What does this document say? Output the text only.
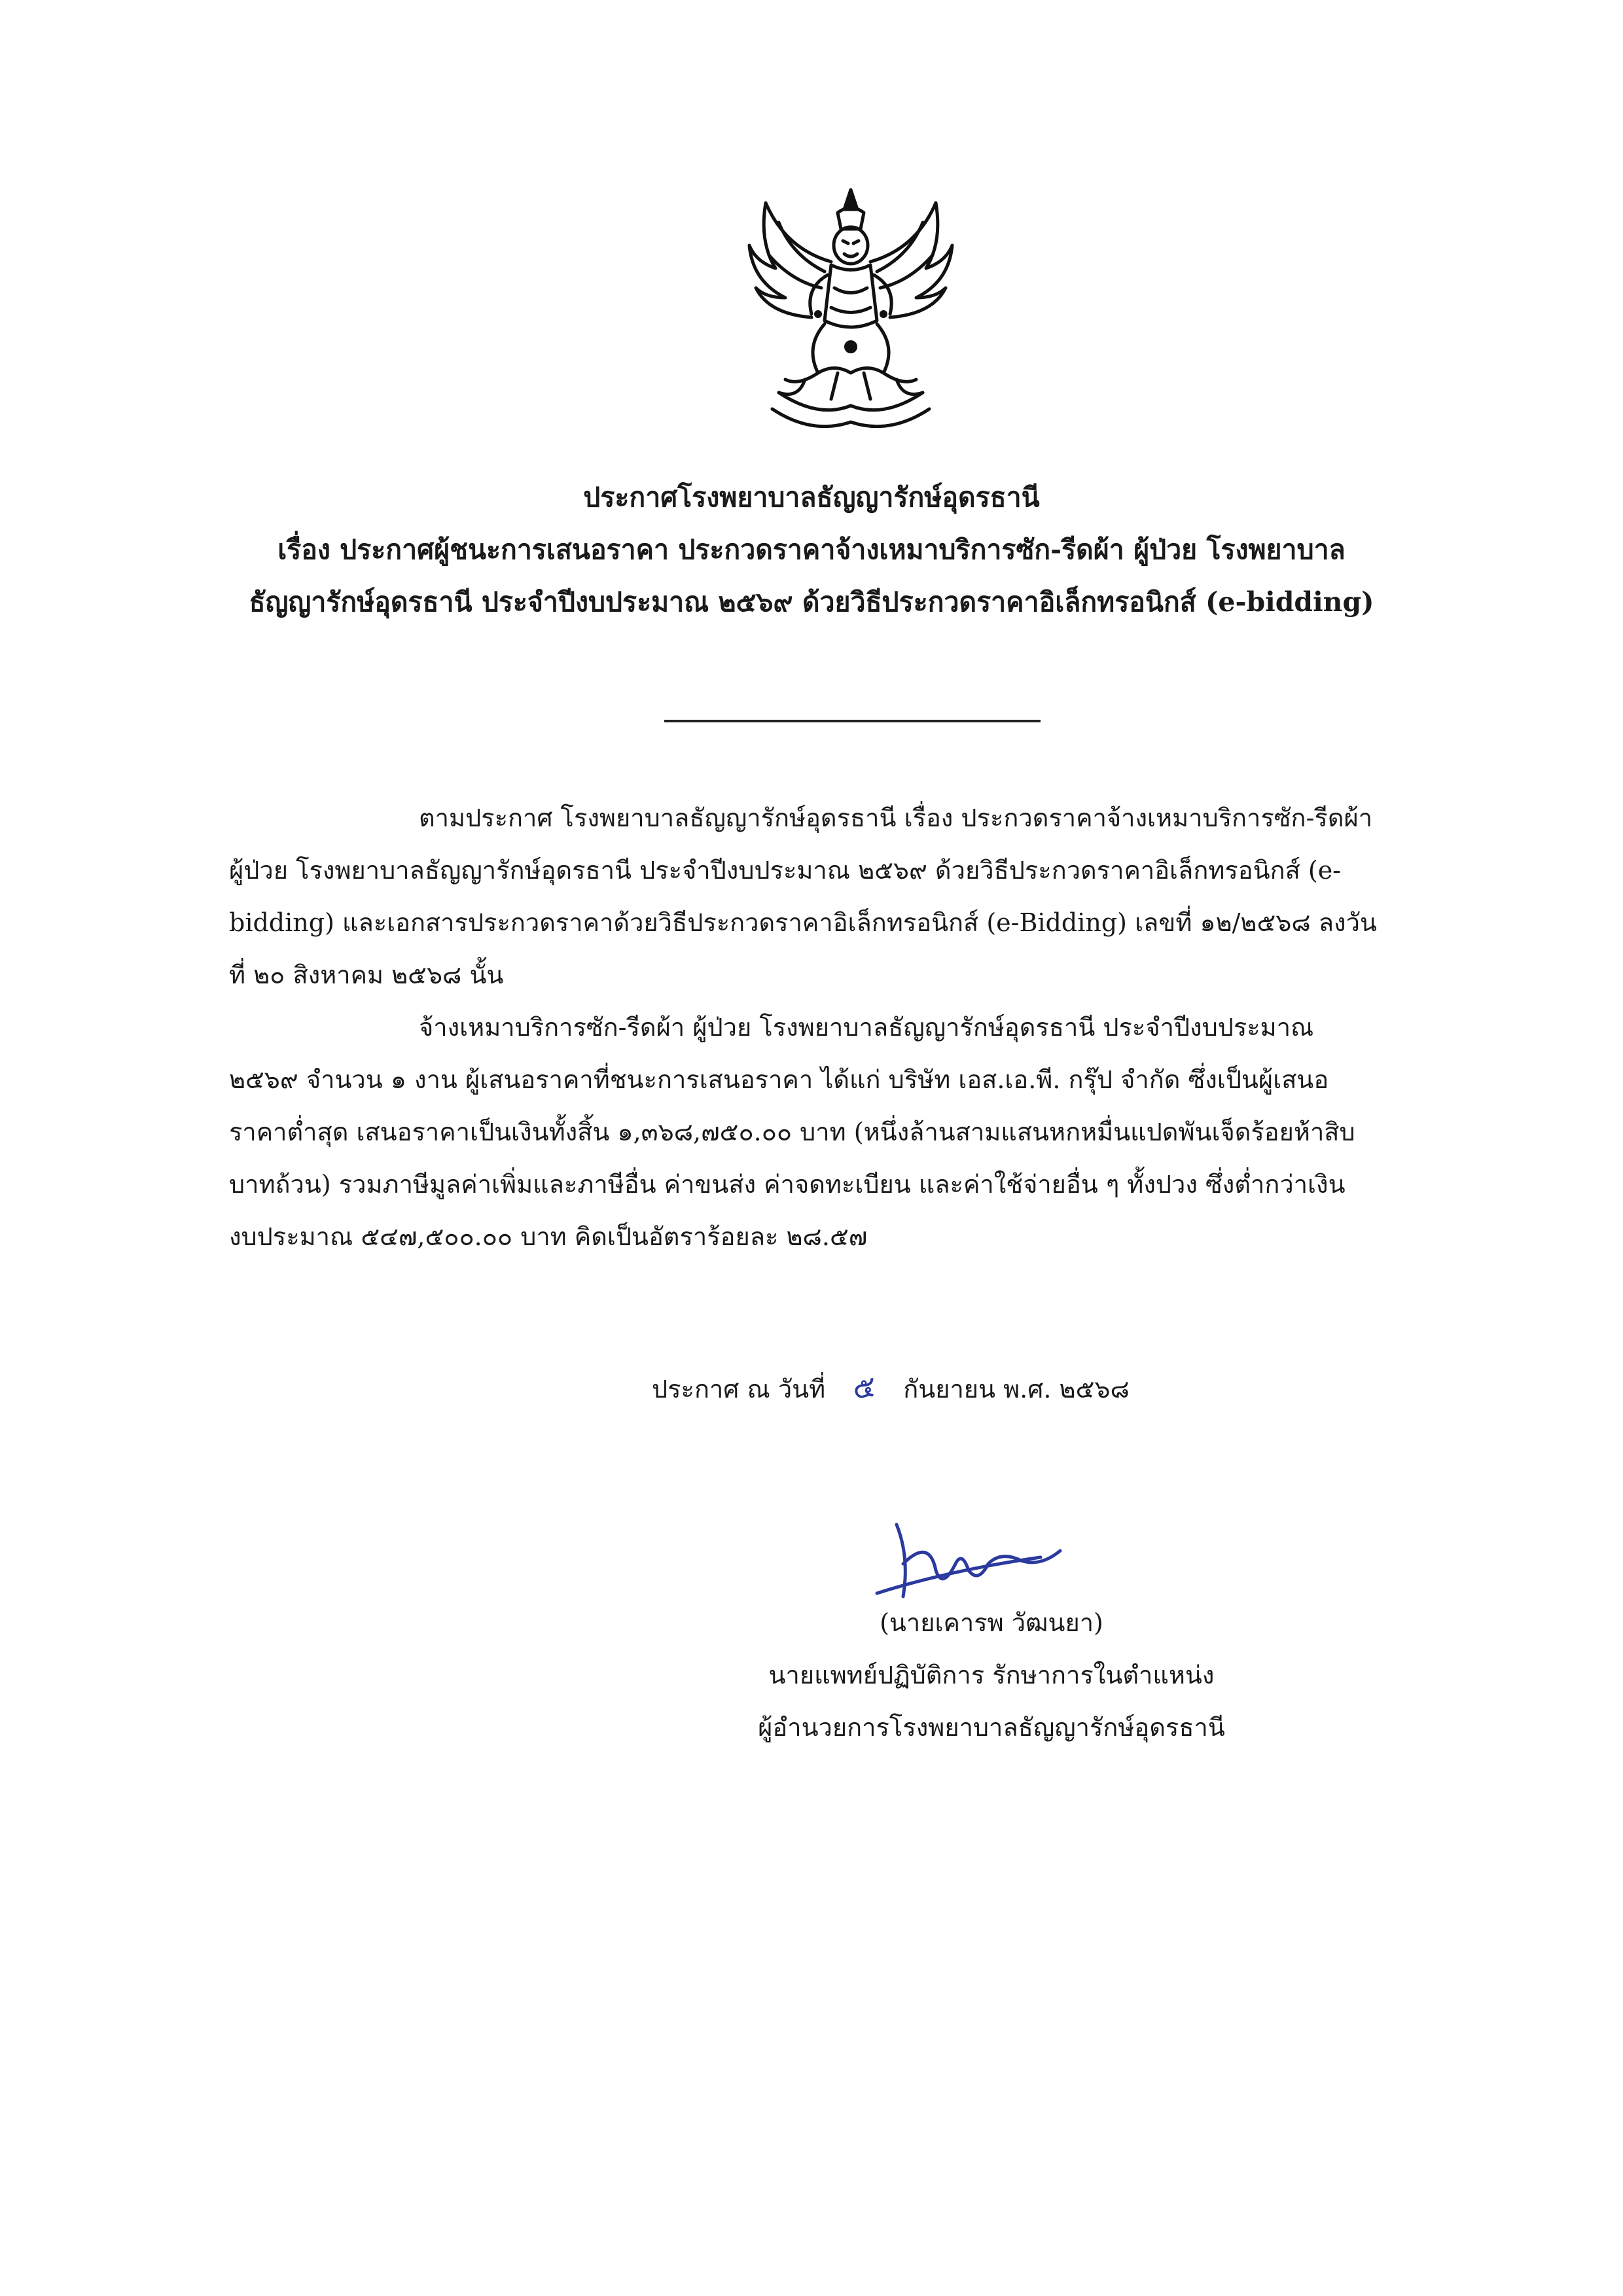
ประกาศโรงพยาบาลธัญญารักษ์อุดรธานี

เรื่อง ประกาศผู้ชนะการเสนอราคา ประกวดราคาจ้างเหมาบริการซัก-รีดผ้า ผู้ป่วย โรงพยาบาล

ธัญญารักษ์อุดรธานี ประจำปีงบประมาณ ๒๕๖๙ ด้วยวิธีประกวดราคาอิเล็กทรอนิกส์ (e-bidding)

ตามประกาศ โรงพยาบาลธัญญารักษ์อุดรธานี เรื่อง ประกวดราคาจ้างเหมาบริการซัก-รีดผ้า
ผู้ป่วย โรงพยาบาลธัญญารักษ์อุดรธานี ประจำปีงบประมาณ ๒๕๖๙ ด้วยวิธีประกวดราคาอิเล็กทรอนิกส์ (e-
bidding) และเอกสารประกวดราคาด้วยวิธีประกวดราคาอิเล็กทรอนิกส์ (e-Bidding) เลขที่ ๑๒/๒๕๖๘ ลงวัน
ที่ ๒๐ สิงหาคม ๒๕๖๘ นั้น
จ้างเหมาบริการซัก-รีดผ้า ผู้ป่วย โรงพยาบาลธัญญารักษ์อุดรธานี ประจำปีงบประมาณ
๒๕๖๙ จำนวน ๑ งาน ผู้เสนอราคาที่ชนะการเสนอราคา ได้แก่ บริษัท เอส.เอ.พี. กรุ๊ป จำกัด ซึ่งเป็นผู้เสนอ
ราคาต่ำสุด เสนอราคาเป็นเงินทั้งสิ้น ๑,๓๖๘,๗๕๐.๐๐ บาท (หนึ่งล้านสามแสนหกหมื่นแปดพันเจ็ดร้อยห้าสิบ
บาทถ้วน) รวมภาษีมูลค่าเพิ่มและภาษีอื่น ค่าขนส่ง ค่าจดทะเบียน และค่าใช้จ่ายอื่น ๆ ทั้งปวง ซึ่งต่ำกว่าเงิน
งบประมาณ ๕๔๗,๕๐๐.๐๐ บาท คิดเป็นอัตราร้อยละ ๒๘.๕๗
ประกาศ ณ วันที่ ๕ กันยายน พ.ศ. ๒๕๖๘

(นายเคารพ วัฒนยา)

นายแพทย์ปฏิบัติการ รักษาการในตำแหน่ง

ผู้อำนวยการโรงพยาบาลธัญญารักษ์อุดรธานี
